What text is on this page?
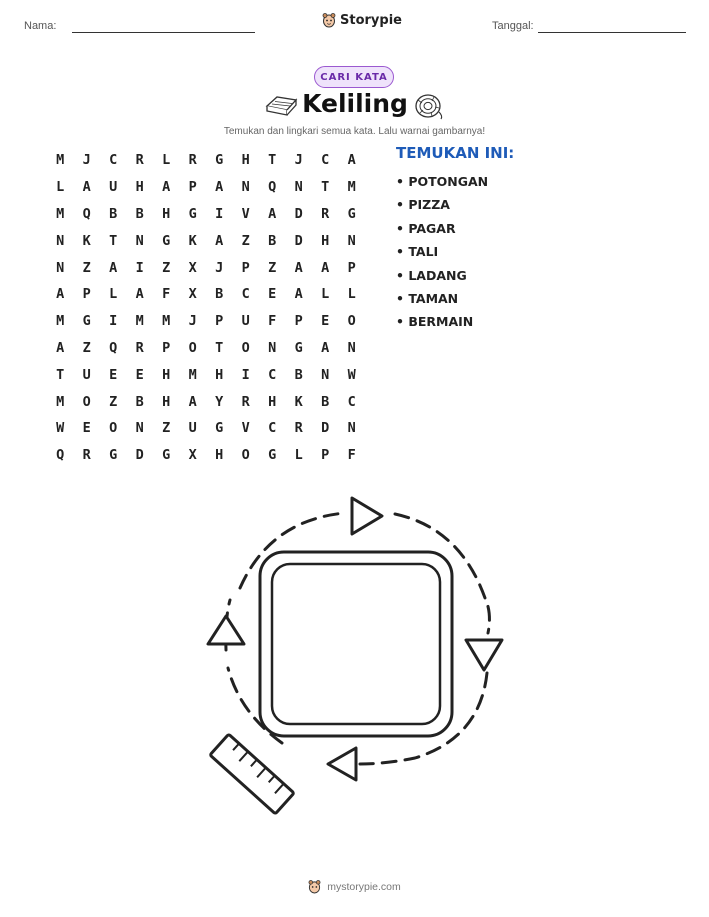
Nama:	Storypie	Tanggal:
CARI KATA
Keliling
Temukan dan lingkari semua kata. Lalu warnai gambarnya!
M	J	C	R	L	R	G	H	T	J	C	A
L	A	U	H	A	P	A	N	Q	N	T	M
M	Q	B	B	H	G	I	V	A	D	R	G
N	K	T	N	G	K	A	Z	B	D	H	N
N	Z	A	I	Z	X	J	P	Z	A	A	P
A	P	L	A	F	X	B	C	E	A	L	L
M	G	I	M	M	J	P	U	F	P	E	O
A	Z	Q	R	P	O	T	O	N	G	A	N
T	U	E	E	H	M	H	I	C	B	N	W
M	O	Z	B	H	A	Y	R	H	K	B	C
W	E	O	N	Z	U	G	V	C	R	D	N
Q	R	G	D	G	X	H	O	G	L	P	F
TEMUKAN INI:
• POTONGAN
• PIZZA
• PAGAR
• TALI
• LADANG
• TAMAN
• BERMAIN
mystorypie.com
